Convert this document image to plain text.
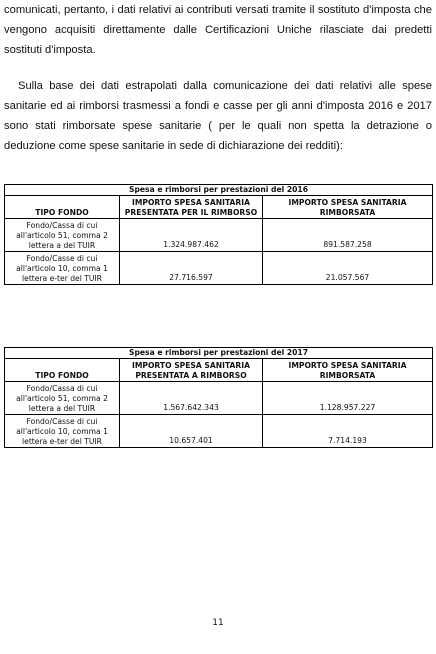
comunicati, pertanto, i dati relativi ai contributi versati tramite il sostituto d'imposta che vengono acquisiti direttamente dalle Certificazioni Uniche rilasciate dai predetti sostituti d'imposta.

Sulla base dei dati estrapolati dalla comunicazione dei dati relativi alle spese sanitarie ed ai rimborsi trasmessi a fondi e casse per gli anni d'imposta 2016 e 2017 sono stati rimborsate spese sanitarie ( per le quali non spetta la detrazione o deduzione come spese sanitarie in sede di dichiarazione dei redditi):

Spesa e rimborsi per prestazioni del 2016		
TIPO FONDO	IMPORTO SPESA SANITARIA PRESENTATA PER IL RIMBORSO	IMPORTO SPESA SANITARIA RIMBORSATA
Fondo/Cassa di cui all'articolo 51, comma 2 lettera a del TUIR	1.324.987.462	891.587.258
Fondo/Casse di cui all'articolo 10, comma 1 lettera e-ter del TUIR	27.716.597	21.057.567
Spesa e rimborsi per prestazioni del 2017		
TIPO FONDO	IMPORTO SPESA SANITARIA PRESENTATA A RIMBORSO	IMPORTO SPESA SANITARIA RIMBORSATA
Fondo/Cassa di cui all'articolo 51, comma 2 lettera a del TUIR	1.567.642.343	1.128.957.227
Fondo/Casse di cui all'articolo 10, comma 1 lettera e-ter del TUIR	10.657.401	7.714.193
11
